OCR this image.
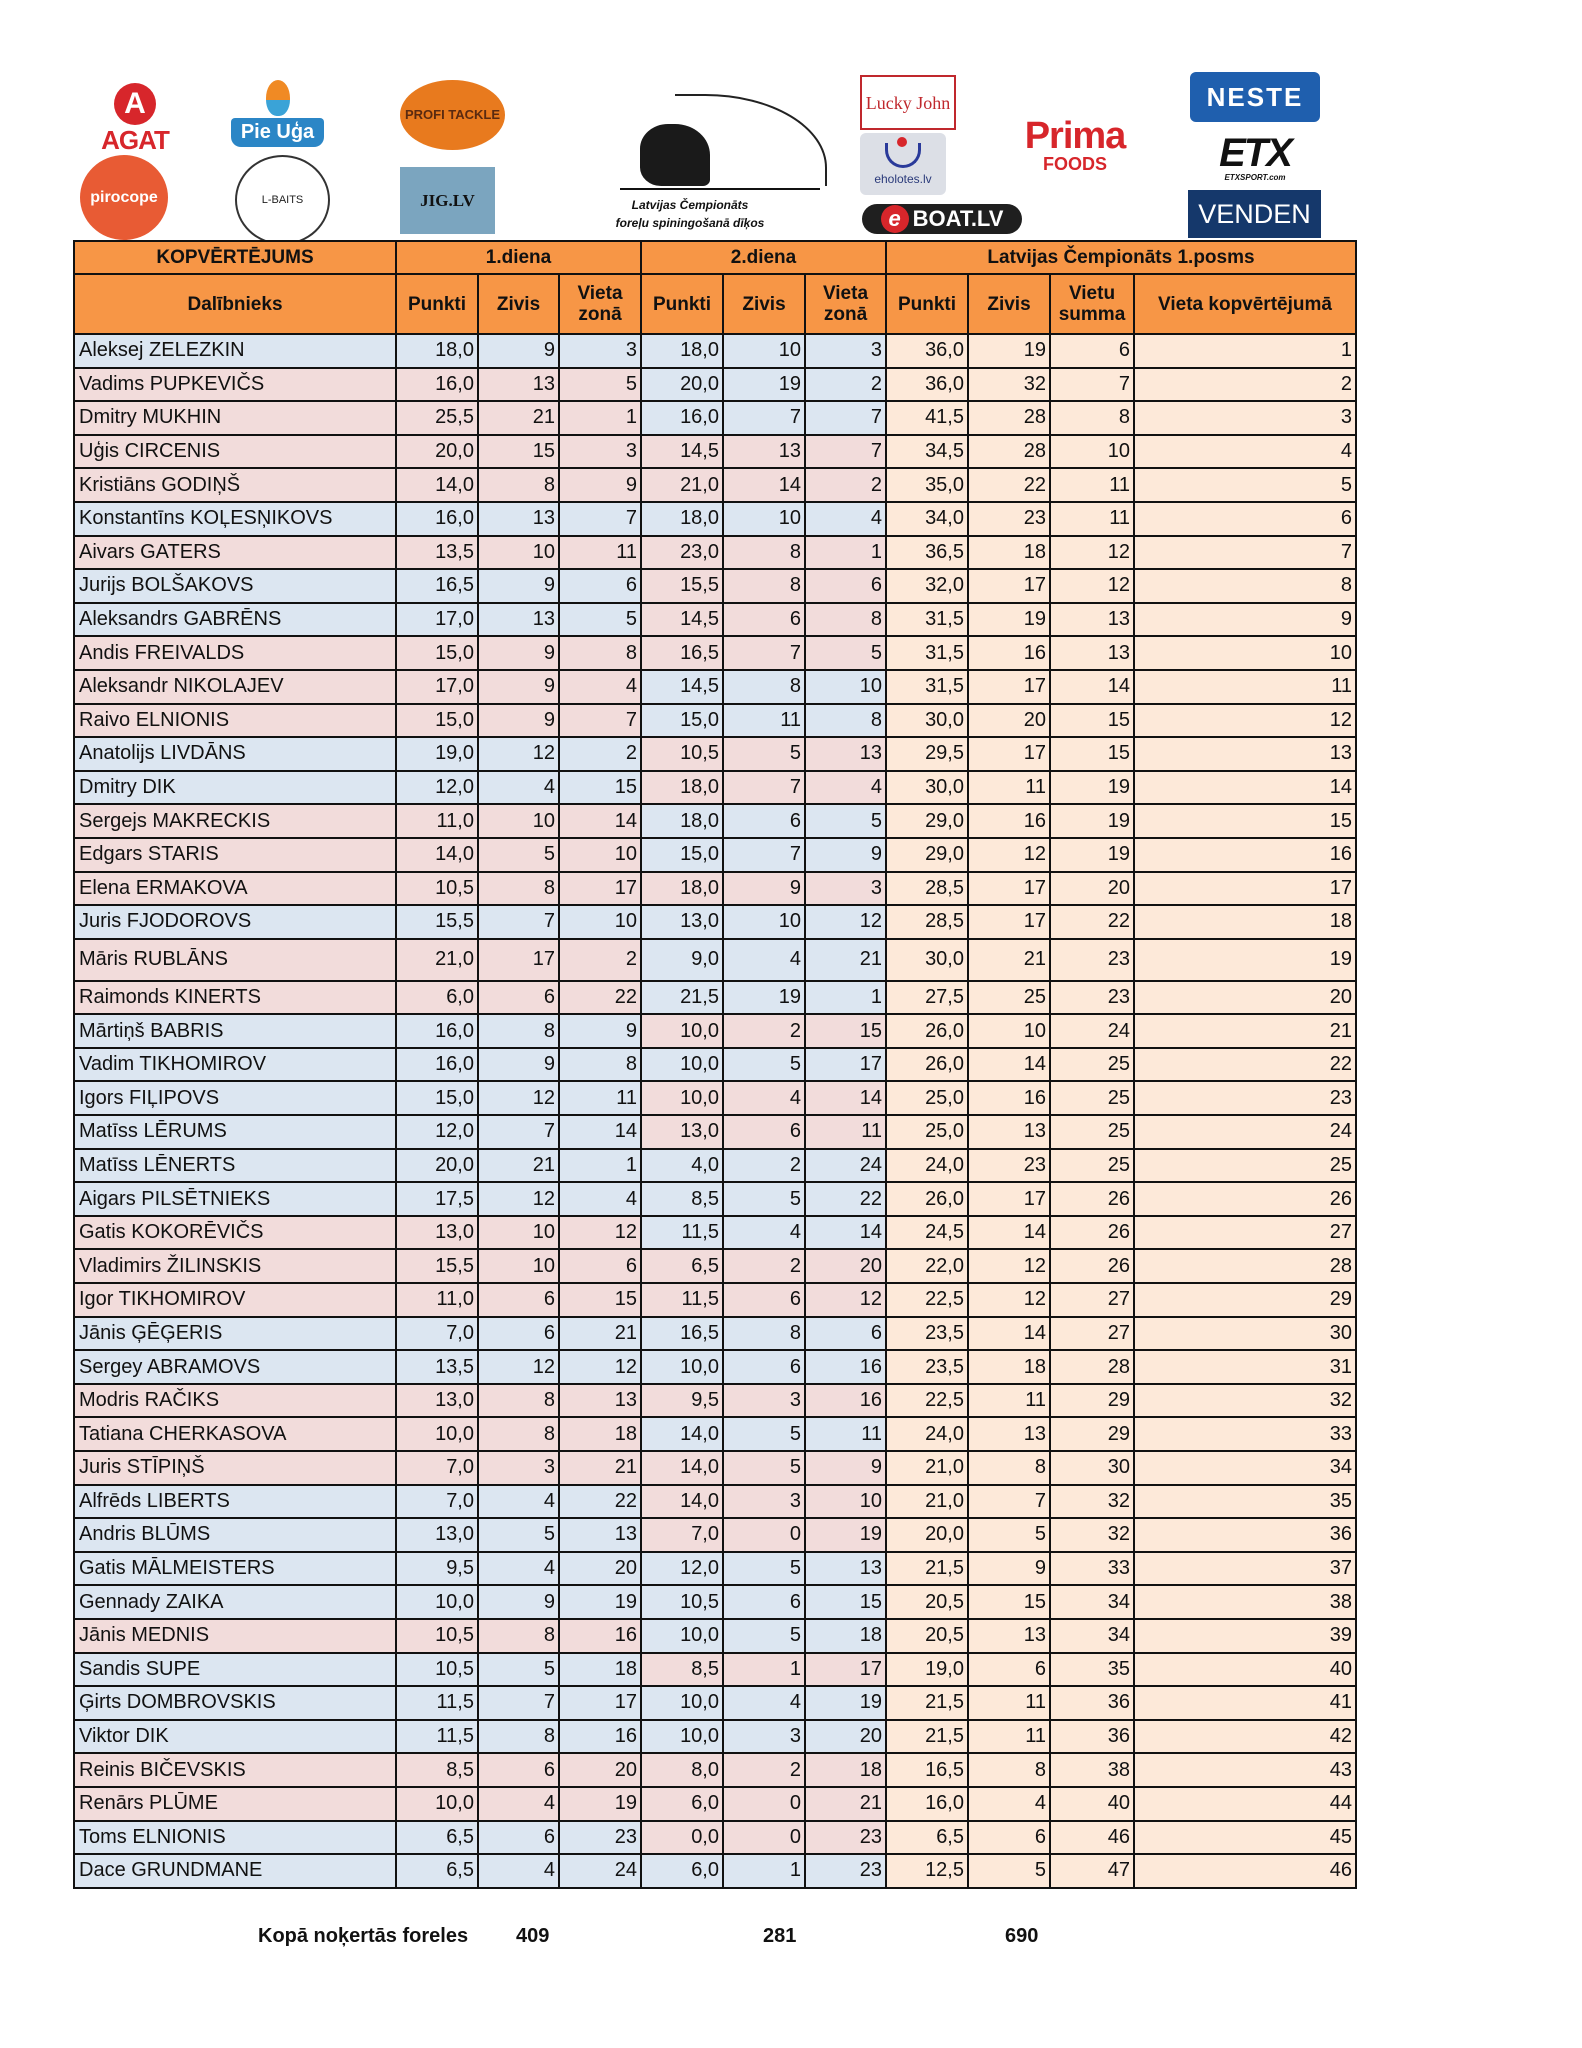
A
AGAT
pirocope
Pie Uģa
L-BAITS
PROFI TACKLE
JIG.LV	Latvijas Čempionāts
foreļu spiningošanā dīķos
Lucky John
eholotes.lv
e BOAT.LV
Prima
FOODS
NESTE
ETX
ETXSPORT.com
VENDEN
KOPVĒRTĒJUMS	1.diena			2.diena			Latvijas Čempionāts 1.posms			
Dalībnieks	Punkti	Zivis	Vieta zonā	Punkti	Zivis	Vieta zonā	Punkti	Zivis	Vietu summa	Vieta kopvērtējumā
Aleksej ZELEZKIN	18,0	9	3	18,0	10	3	36,0	19	6	1
Vadims PUPKEVIČS	16,0	13	5	20,0	19	2	36,0	32	7	2
Dmitry MUKHIN	25,5	21	1	16,0	7	7	41,5	28	8	3
Uģis CIRCENIS	20,0	15	3	14,5	13	7	34,5	28	10	4
Kristiāns GODIŅŠ	14,0	8	9	21,0	14	2	35,0	22	11	5
Konstantīns KOĻESŅIKOVS	16,0	13	7	18,0	10	4	34,0	23	11	6
Aivars GATERS	13,5	10	11	23,0	8	1	36,5	18	12	7
Jurijs BOLŠAKOVS	16,5	9	6	15,5	8	6	32,0	17	12	8
Aleksandrs GABRĒNS	17,0	13	5	14,5	6	8	31,5	19	13	9
Andis FREIVALDS	15,0	9	8	16,5	7	5	31,5	16	13	10
Aleksandr NIKOLAJEV	17,0	9	4	14,5	8	10	31,5	17	14	11
Raivo ELNIONIS	15,0	9	7	15,0	11	8	30,0	20	15	12
Anatolijs LIVDĀNS	19,0	12	2	10,5	5	13	29,5	17	15	13
Dmitry DIK	12,0	4	15	18,0	7	4	30,0	11	19	14
Sergejs MAKRECKIS	11,0	10	14	18,0	6	5	29,0	16	19	15
Edgars STARIS	14,0	5	10	15,0	7	9	29,0	12	19	16
Elena ERMAKOVA	10,5	8	17	18,0	9	3	28,5	17	20	17
Juris FJODOROVS	15,5	7	10	13,0	10	12	28,5	17	22	18
Māris RUBLĀNS	21,0	17	2	9,0	4	21	30,0	21	23	19
Raimonds KINERTS	6,0	6	22	21,5	19	1	27,5	25	23	20
Mārtiņš BABRIS	16,0	8	9	10,0	2	15	26,0	10	24	21
Vadim TIKHOMIROV	16,0	9	8	10,0	5	17	26,0	14	25	22
Igors FIĻIPOVS	15,0	12	11	10,0	4	14	25,0	16	25	23
Matīss LĒRUMS	12,0	7	14	13,0	6	11	25,0	13	25	24
Matīss LĒNERTS	20,0	21	1	4,0	2	24	24,0	23	25	25
Aigars PILSĒTNIEKS	17,5	12	4	8,5	5	22	26,0	17	26	26
Gatis KOKORĒVIČS	13,0	10	12	11,5	4	14	24,5	14	26	27
Vladimirs ŽILINSKIS	15,5	10	6	6,5	2	20	22,0	12	26	28
Igor TIKHOMIROV	11,0	6	15	11,5	6	12	22,5	12	27	29
Jānis ĢĒĢERIS	7,0	6	21	16,5	8	6	23,5	14	27	30
Sergey ABRAMOVS	13,5	12	12	10,0	6	16	23,5	18	28	31
Modris RAČIKS	13,0	8	13	9,5	3	16	22,5	11	29	32
Tatiana CHERKASOVA	10,0	8	18	14,0	5	11	24,0	13	29	33
Juris STĪPIŅŠ	7,0	3	21	14,0	5	9	21,0	8	30	34
Alfrēds LIBERTS	7,0	4	22	14,0	3	10	21,0	7	32	35
Andris BLŪMS	13,0	5	13	7,0	0	19	20,0	5	32	36
Gatis MĀLMEISTERS	9,5	4	20	12,0	5	13	21,5	9	33	37
Gennady ZAIKA	10,0	9	19	10,5	6	15	20,5	15	34	38
Jānis MEDNIS	10,5	8	16	10,0	5	18	20,5	13	34	39
Sandis SUPE	10,5	5	18	8,5	1	17	19,0	6	35	40
Ģirts DOMBROVSKIS	11,5	7	17	10,0	4	19	21,5	11	36	41
Viktor DIK	11,5	8	16	10,0	3	20	21,5	11	36	42
Reinis BIČEVSKIS	8,5	6	20	8,0	2	18	16,5	8	38	43
Renārs PLŪME	10,0	4	19	6,0	0	21	16,0	4	40	44
Toms ELNIONIS	6,5	6	23	0,0	0	23	6,5	6	46	45
Dace GRUNDMANE	6,5	4	24	6,0	1	23	12,5	5	47	46
Kopā noķertās foreles 409	281	690
